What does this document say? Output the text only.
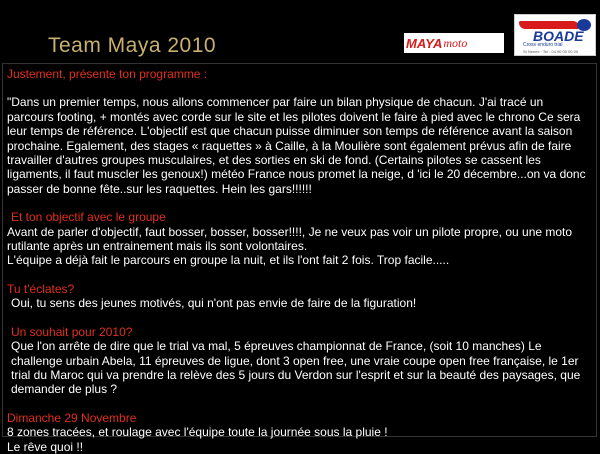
Team Maya 2010	MAYA moto	BOADE
Cross enduro trial
St Nenex · Tel : 04 90 00 00 00

Justement, présente ton programme :

"Dans un premier temps, nous allons commencer par faire un bilan physique de chacun. J'ai tracé un parcours footing, + montés avec corde sur le site et les pilotes doivent le faire à pied avec le chrono Ce sera leur temps de référence. L'objectif est que chacun puisse diminuer son temps de référence avant la saison prochaine. Egalement, des stages « raquettes » à Caille, à la Moulière sont également prévus afin de faire travailler d'autres groupes musculaires, et des sorties en ski de fond. (Certains pilotes se cassent les ligaments, il faut muscler les genoux!) météo France nous promet la neige, d 'ici le 20 décembre...on va donc passer de bonne fête..sur les raquettes. Hein les gars!!!!!!

Et ton objectif avec le groupe

Avant de parler d'objectif, faut bosser, bosser, bosser!!!!, Je ne veux pas voir un pilote propre, ou une moto rutilante après un entrainement mais ils sont volontaires.

L'équipe a déjà fait le parcours en groupe la nuit, et ils l'ont fait 2 fois. Trop facile.....

Tu t'éclates?

Oui, tu sens des jeunes motivés, qui n'ont pas envie de faire de la figuration!

Un souhait pour 2010?

Que l'on arrête de dire que le trial va mal, 5 épreuves championnat de France, (soit 10 manches) Le challenge urbain Abela, 11 épreuves de ligue, dont 3 open free, une vraie coupe open free française, le 1er trial du Maroc qui va prendre la relève des 5 jours du Verdon sur l'esprit et sur la beauté des paysages, que demander de plus ?

Dimanche 29 Novembre

8 zones tracées, et roulage avec l'équipe toute la journée sous la pluie !

Le rêve quoi !!
